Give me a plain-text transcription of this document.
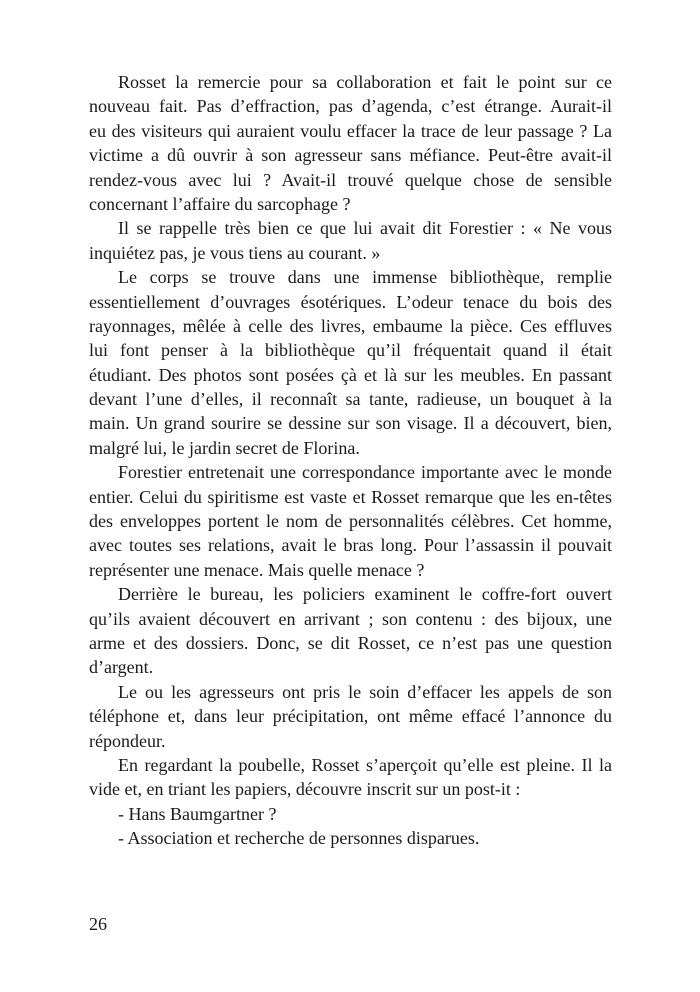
Rosset la remercie pour sa collaboration et fait le point sur ce
nouveau fait. Pas d’effraction, pas d’agenda, c’est étrange. Aurait-il
eu des visiteurs qui auraient voulu effacer la trace de leur passage ? La
victime a dû ouvrir à son agresseur sans méfiance. Peut-être avait-il
rendez-vous avec lui ? Avait-il trouvé quelque chose de sensible
concernant l’affaire du sarcophage ?
Il se rappelle très bien ce que lui avait dit Forestier : « Ne vous
inquiétez pas, je vous tiens au courant. »
Le corps se trouve dans une immense bibliothèque, remplie
essentiellement d’ouvrages ésotériques. L’odeur tenace du bois des
rayonnages, mêlée à celle des livres, embaume la pièce. Ces effluves
lui font penser à la bibliothèque qu’il fréquentait quand il était
étudiant. Des photos sont posées çà et là sur les meubles. En passant
devant l’une d’elles, il reconnaît sa tante, radieuse, un bouquet à la
main. Un grand sourire se dessine sur son visage. Il a découvert, bien,
malgré lui, le jardin secret de Florina.
Forestier entretenait une correspondance importante avec le monde
entier. Celui du spiritisme est vaste et Rosset remarque que les en-têtes
des enveloppes portent le nom de personnalités célèbres. Cet homme,
avec toutes ses relations, avait le bras long. Pour l’assassin il pouvait
représenter une menace. Mais quelle menace ?
Derrière le bureau, les policiers examinent le coffre-fort ouvert
qu’ils avaient découvert en arrivant ; son contenu : des bijoux, une
arme et des dossiers. Donc, se dit Rosset, ce n’est pas une question
d’argent.
Le ou les agresseurs ont pris le soin d’effacer les appels de son
téléphone et, dans leur précipitation, ont même effacé l’annonce du
répondeur.
En regardant la poubelle, Rosset s’aperçoit qu’elle est pleine. Il la
vide et, en triant les papiers, découvre inscrit sur un post-it :
- Hans Baumgartner ?
- Association et recherche de personnes disparues.
26
